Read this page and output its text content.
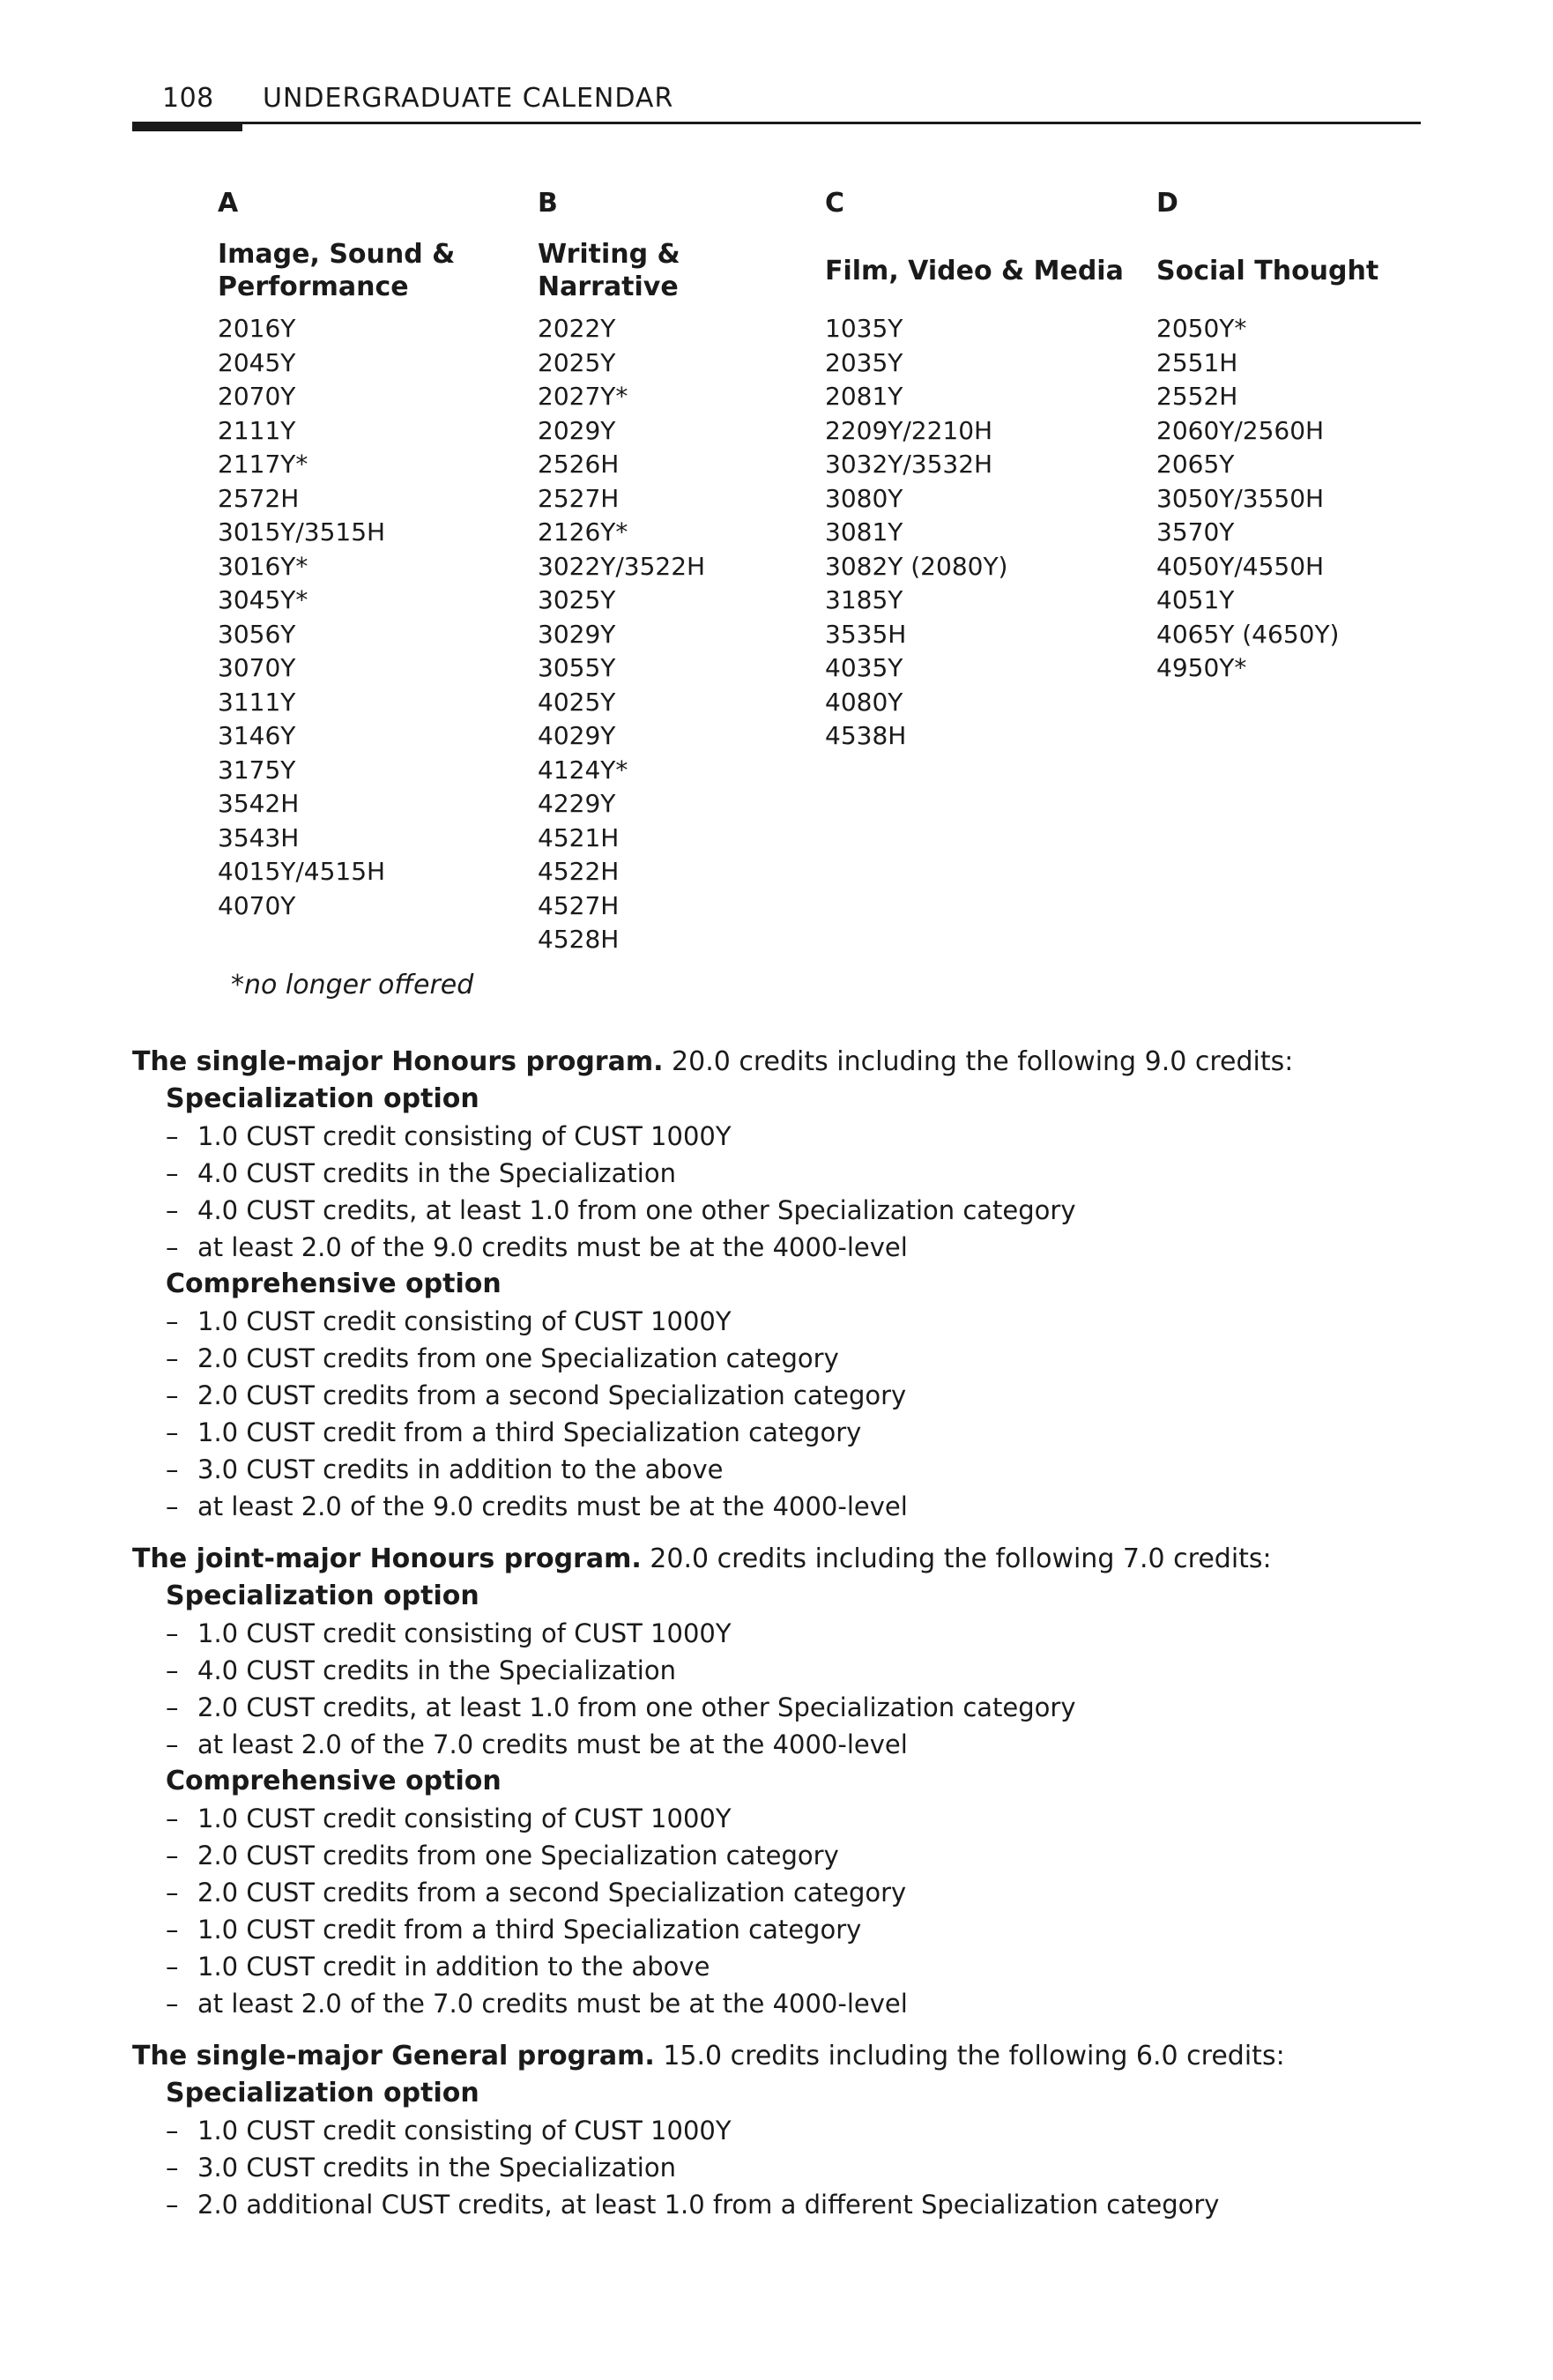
108 UNDERGRADUATE CALENDAR
A
Image, Sound &
Performance
2016Y
2045Y
2070Y
2111Y
2117Y*
2572H
3015Y/3515H
3016Y*
3045Y*
3056Y
3070Y
3111Y
3146Y
3175Y
3542H
3543H
4015Y/4515H
4070Y
B
Writing &
Narrative
2022Y
2025Y
2027Y*
2029Y
2526H
2527H
2126Y*
3022Y/3522H
3025Y
3029Y
3055Y
4025Y
4029Y
4124Y*
4229Y
4521H
4522H
4527H
4528H
C
Film, Video & Media
1035Y
2035Y
2081Y
2209Y/2210H
3032Y/3532H
3080Y
3081Y
3082Y (2080Y)
3185Y
3535H
4035Y
4080Y
4538H
D
Social Thought
2050Y*
2551H
2552H
2060Y/2560H
2065Y
3050Y/3550H
3570Y
4050Y/4550H
4051Y
4065Y (4650Y)
4950Y*
*no longer offered
The single-major Honours program. 20.0 credits including the following 9.0 credits:
Specialization option
– 1.0 CUST credit consisting of CUST 1000Y
– 4.0 CUST credits in the Specialization
– 4.0 CUST credits, at least 1.0 from one other Specialization category
– at least 2.0 of the 9.0 credits must be at the 4000-level
Comprehensive option
– 1.0 CUST credit consisting of CUST 1000Y
– 2.0 CUST credits from one Specialization category
– 2.0 CUST credits from a second Specialization category
– 1.0 CUST credit from a third Specialization category
– 3.0 CUST credits in addition to the above
– at least 2.0 of the 9.0 credits must be at the 4000-level
The joint-major Honours program. 20.0 credits including the following 7.0 credits:
Specialization option
– 1.0 CUST credit consisting of CUST 1000Y
– 4.0 CUST credits in the Specialization
– 2.0 CUST credits, at least 1.0 from one other Specialization category
– at least 2.0 of the 7.0 credits must be at the 4000-level
Comprehensive option
– 1.0 CUST credit consisting of CUST 1000Y
– 2.0 CUST credits from one Specialization category
– 2.0 CUST credits from a second Specialization category
– 1.0 CUST credit from a third Specialization category
– 1.0 CUST credit in addition to the above
– at least 2.0 of the 7.0 credits must be at the 4000-level
The single-major General program. 15.0 credits including the following 6.0 credits:
Specialization option
– 1.0 CUST credit consisting of CUST 1000Y
– 3.0 CUST credits in the Specialization
– 2.0 additional CUST credits, at least 1.0 from a different Specialization category
